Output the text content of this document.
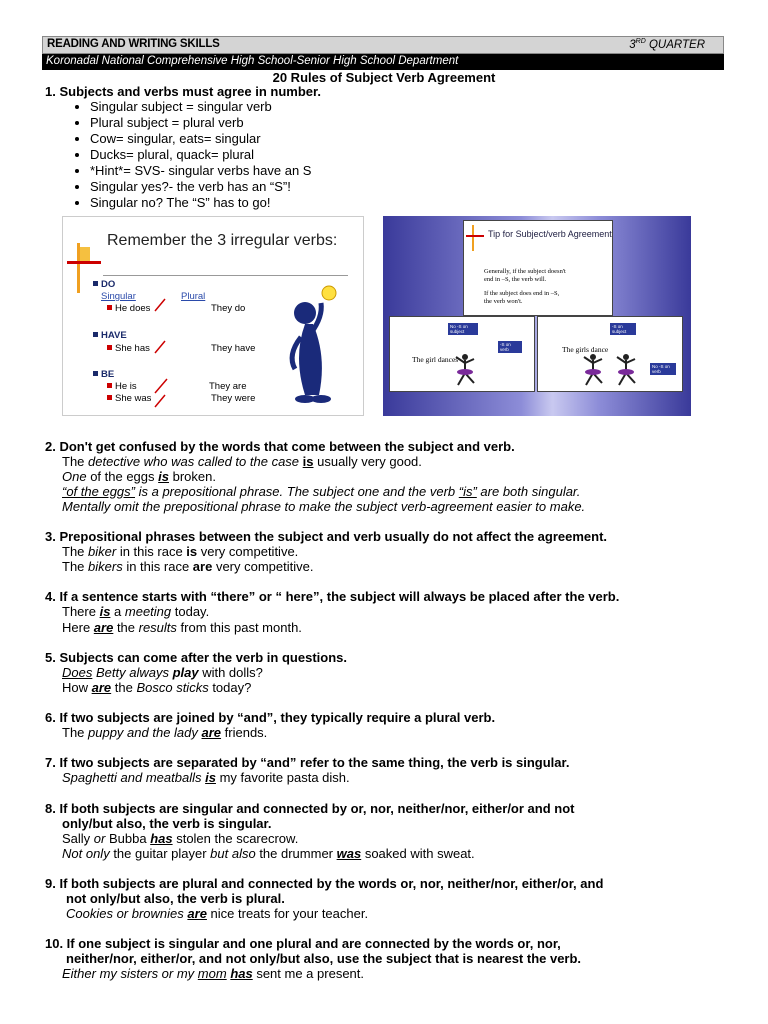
READING AND WRITING SKILLS	3RD QUARTER
Koronadal National Comprehensive High School-Senior High School Department
20 Rules of Subject Verb Agreement
1. Subjects and verbs must agree in number.
• Singular subject = singular verb
• Plural subject = plural verb
• Cow= singular, eats= singular
• Ducks= plural, quack= plural
• *Hint*= SVS- singular verbs have an S
• Singular yes?- the verb has an “S”!
• Singular no? The “S” has to go!
Remember the 3 irregular verbs:
DO
Singular	Plural
He does	They do
HAVE
She has	They have
BE
He is	They are
She was	They were
Tip for Subject/verb Agreement
Generally, if the subject doesn't
end in –S, the verb will.
If the subject does end in –S,
the verb won't.
No -S on subject
-S on verb
The girl dances
-S on subject
No -S on verb
The girls dance
2. Don't get confused by the words that come between the subject and verb.
The detective who was called to the case is usually very good.
One of the eggs is broken.
“of the eggs” is a prepositional phrase. The subject one and the verb “is” are both singular.
Mentally omit the prepositional phrase to make the subject verb-agreement easier to make.
3. Prepositional phrases between the subject and verb usually do not affect the agreement.
The biker in this race is very competitive.
The bikers in this race are very competitive.
4. If a sentence starts with “there” or “ here”, the subject will always be placed after the verb.
There is a meeting today.
Here are the results from this past month.
5. Subjects can come after the verb in questions.
Does Betty always play with dolls?
How are the Bosco sticks today?
6. If two subjects are joined by “and”, they typically require a plural verb.
The puppy and the lady are friends.
7. If two subjects are separated by “and” refer to the same thing, the verb is singular.
Spaghetti and meatballs is my favorite pasta dish.
8. If both subjects are singular and connected by or, nor, neither/nor, either/or and not
only/but also, the verb is singular.
Sally or Bubba has stolen the scarecrow.
Not only the guitar player but also the drummer was soaked with sweat.
9. If both subjects are plural and connected by the words or, nor, neither/nor, either/or, and
not only/but also, the verb is plural.
Cookies or brownies are nice treats for your teacher.
10. If one subject is singular and one plural and are connected by the words or, nor,
neither/nor, either/or, and not only/but also, use the subject that is nearest the verb.
Either my sisters or my mom has sent me a present.
